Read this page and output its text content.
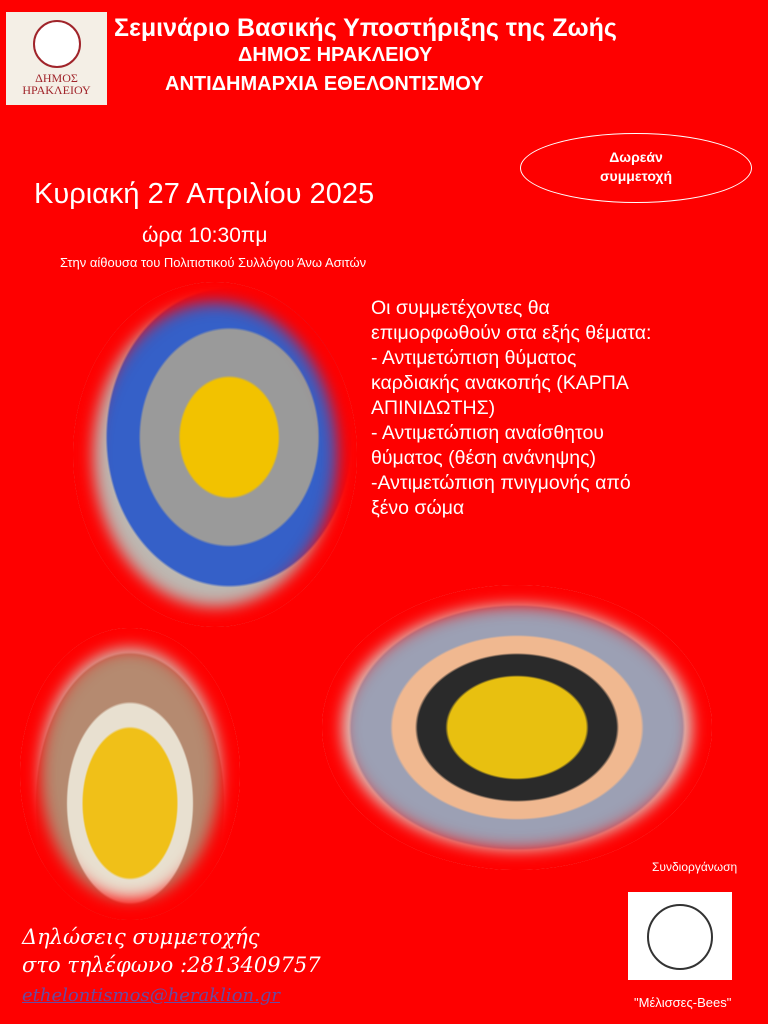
ΔΗΜΟΣ
ΗΡΑΚΛΕΙΟΥ
Σεμινάριο Βασικής Υποστήριξης της Ζωής
ΔΗΜΟΣ ΗΡΑΚΛΕΙΟΥ
ΑΝΤΙΔΗΜΑΡΧΙΑ ΕΘΕΛΟΝΤΙΣΜΟΥ
Δωρεάν
συμμετοχή
Κυριακή 27 Απριλίου 2025
ώρα 10:30πμ
Στην αίθουσα του Πολιτιστικού Συλλόγου Άνω Ασιτών
Οι συμμετέχοντες θα
επιμορφωθούν στα εξής θέματα:
- Αντιμετώπιση θύματος
καρδιακής ανακοπής (ΚΑΡΠΑ
ΑΠΙΝΙΔΩΤΗΣ)
- Αντιμετώπιση αναίσθητου
θύματος (θέση ανάνηψης)
-Αντιμετώπιση πνιγμονής από
ξένο σώμα
Συνδιοργάνωση
"Μέλισσες-Bees"
Δηλώσεις συμμετοχής
στο τηλέφωνο :2813409757
ethelontismos@heraklion.gr
